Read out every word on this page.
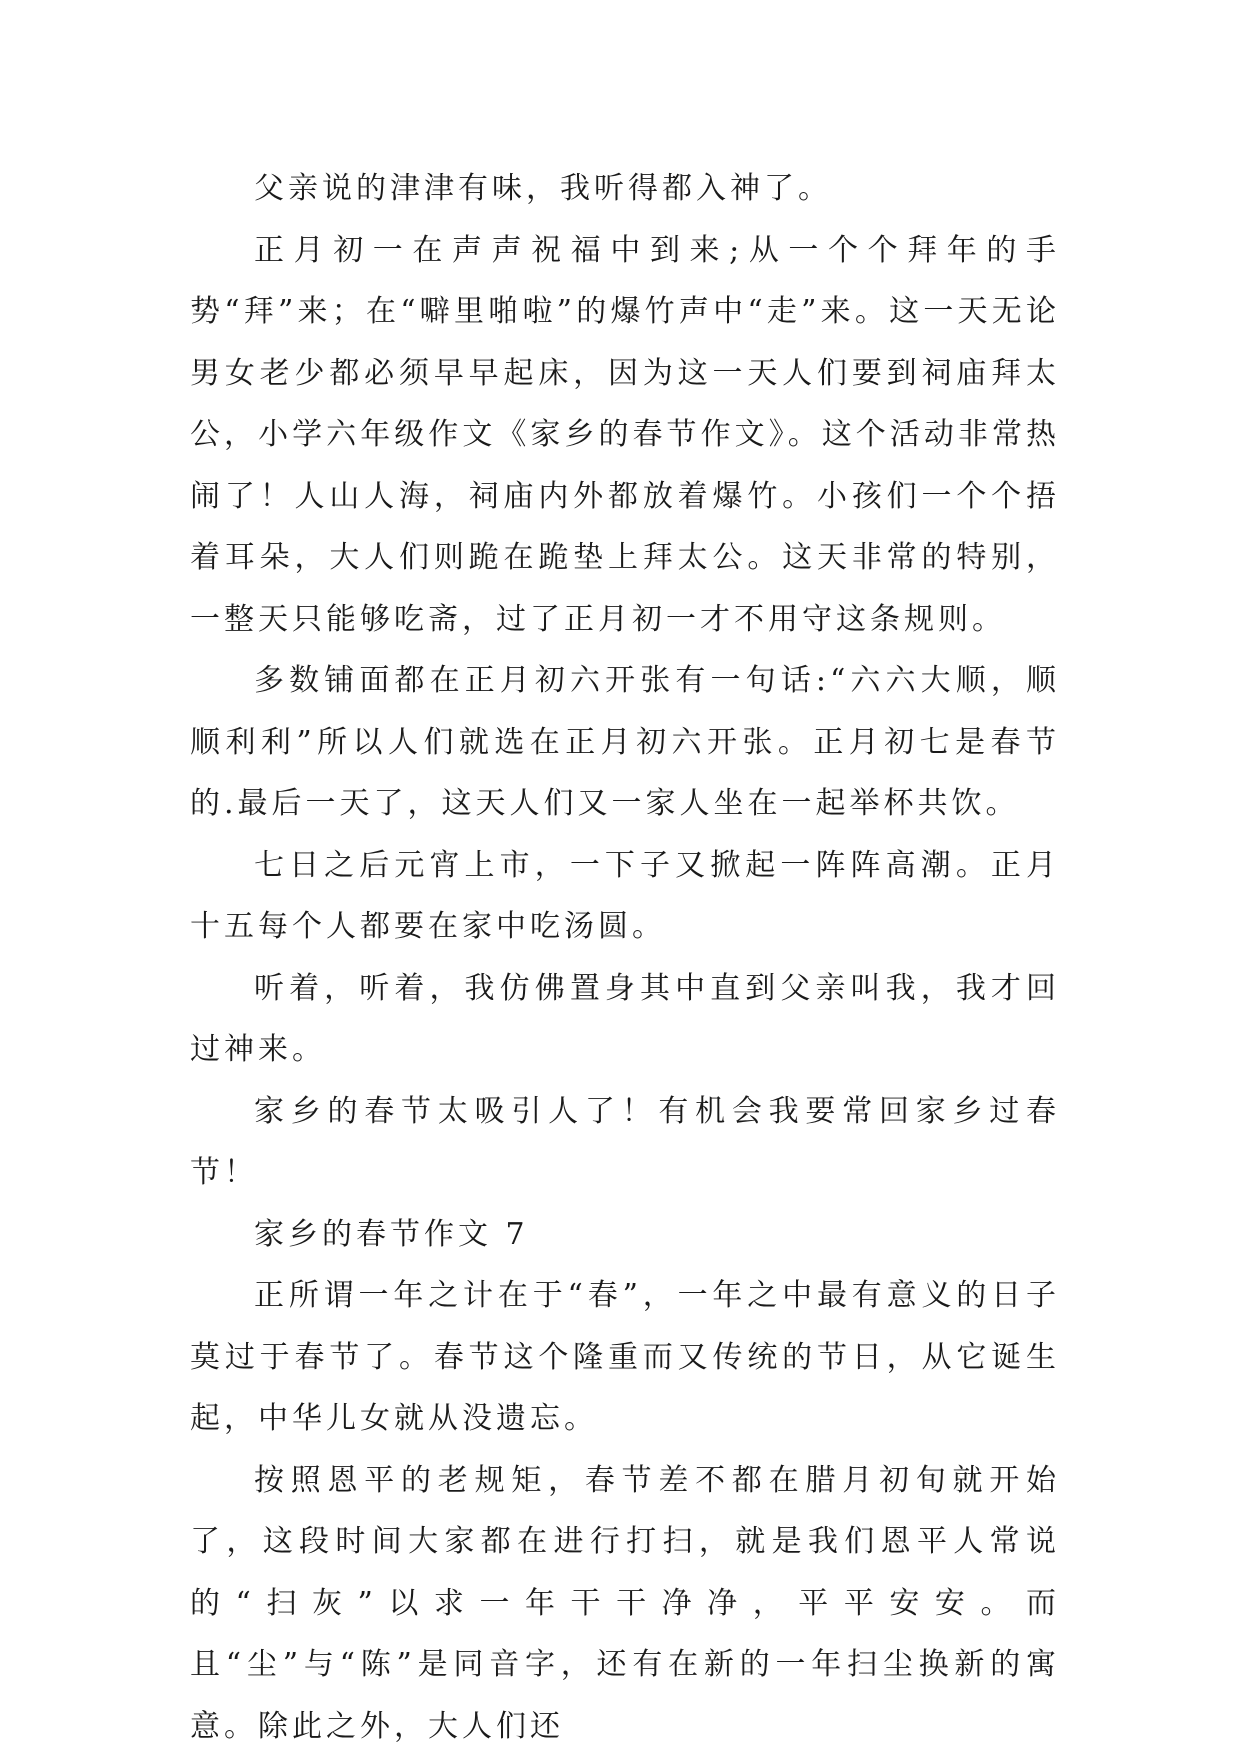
父亲说的津津有味，我听得都入神了。

正月初一在声声祝福中到来;从一个个拜年的手势“拜”来；在“噼里啪啦”的爆竹声中“走”来。这一天无论男女老少都必须早早起床，因为这一天人们要到祠庙拜太公，小学六年级作文《家乡的春节作文》。这个活动非常热闹了！人山人海，祠庙内外都放着爆竹。小孩们一个个捂着耳朵，大人们则跪在跪垫上拜太公。这天非常的特别，一整天只能够吃斋，过了正月初一才不用守这条规则。

多数铺面都在正月初六开张有一句话:“六六大顺，顺顺利利”所以人们就选在正月初六开张。正月初七是春节的.最后一天了，这天人们又一家人坐在一起举杯共饮。

七日之后元宵上市，一下子又掀起一阵阵高潮。正月十五每个人都要在家中吃汤圆。

听着，听着，我仿佛置身其中直到父亲叫我，我才回过神来。

家乡的春节太吸引人了！有机会我要常回家乡过春节！

家乡的春节作文 7

正所谓一年之计在于“春”，一年之中最有意义的日子莫过于春节了。春节这个隆重而又传统的节日，从它诞生起，中华儿女就从没遗忘。

按照恩平的老规矩，春节差不都在腊月初旬就开始了，这段时间大家都在进行打扫，就是我们恩平人常说的“扫灰”以求一年干干净净，平平安安。而且“尘”与“陈”是同音字，还有在新的一年扫尘换新的寓意。除此之外，大人们还
